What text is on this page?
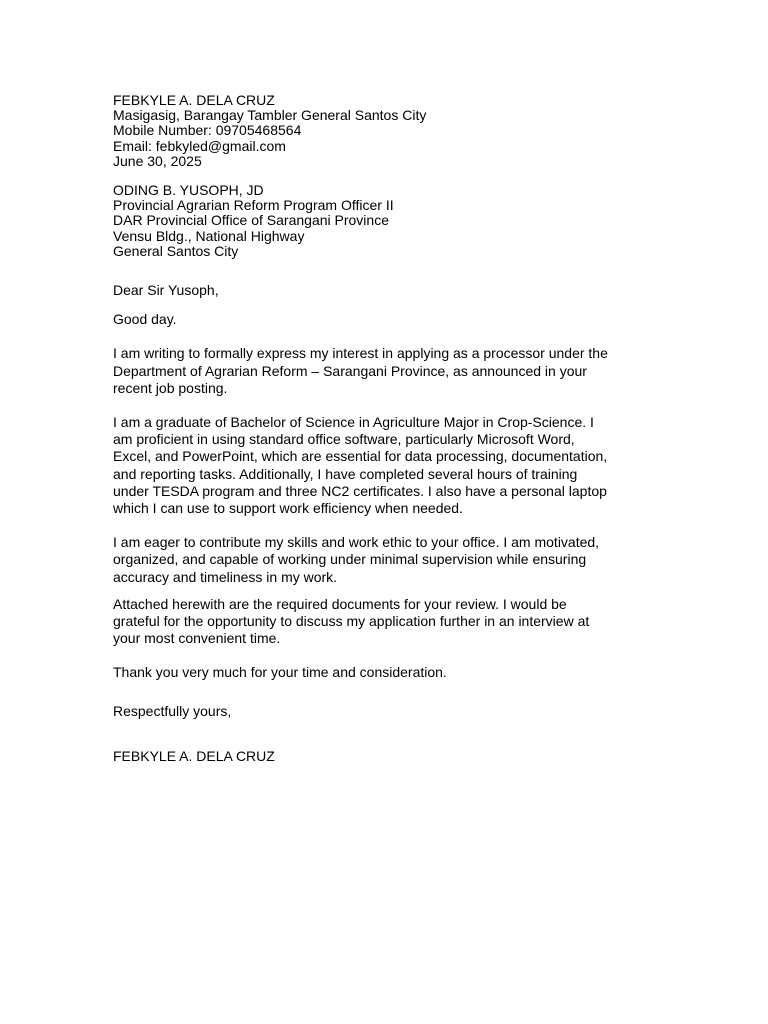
FEBKYLE A. DELA CRUZ
Masigasig, Barangay Tambler General Santos City
Mobile Number: 09705468564
Email: febkyled@gmail.com
June 30, 2025
ODING B. YUSOPH, JD
Provincial Agrarian Reform Program Officer II
DAR Provincial Office of Sarangani Province
Vensu Bldg., National Highway
General Santos City
Dear Sir Yusoph,
Good day.
I am writing to formally express my interest in applying as a processor under the
Department of Agrarian Reform – Sarangani Province, as announced in your
recent job posting.
I am a graduate of Bachelor of Science in Agriculture Major in Crop-Science. I
am proficient in using standard office software, particularly Microsoft Word,
Excel, and PowerPoint, which are essential for data processing, documentation,
and reporting tasks. Additionally, I have completed several hours of training
under TESDA program and three NC2 certificates. I also have a personal laptop
which I can use to support work efficiency when needed.
I am eager to contribute my skills and work ethic to your office. I am motivated,
organized, and capable of working under minimal supervision while ensuring
accuracy and timeliness in my work.
Attached herewith are the required documents for your review. I would be
grateful for the opportunity to discuss my application further in an interview at
your most convenient time.
Thank you very much for your time and consideration.
Respectfully yours,
FEBKYLE A. DELA CRUZ
